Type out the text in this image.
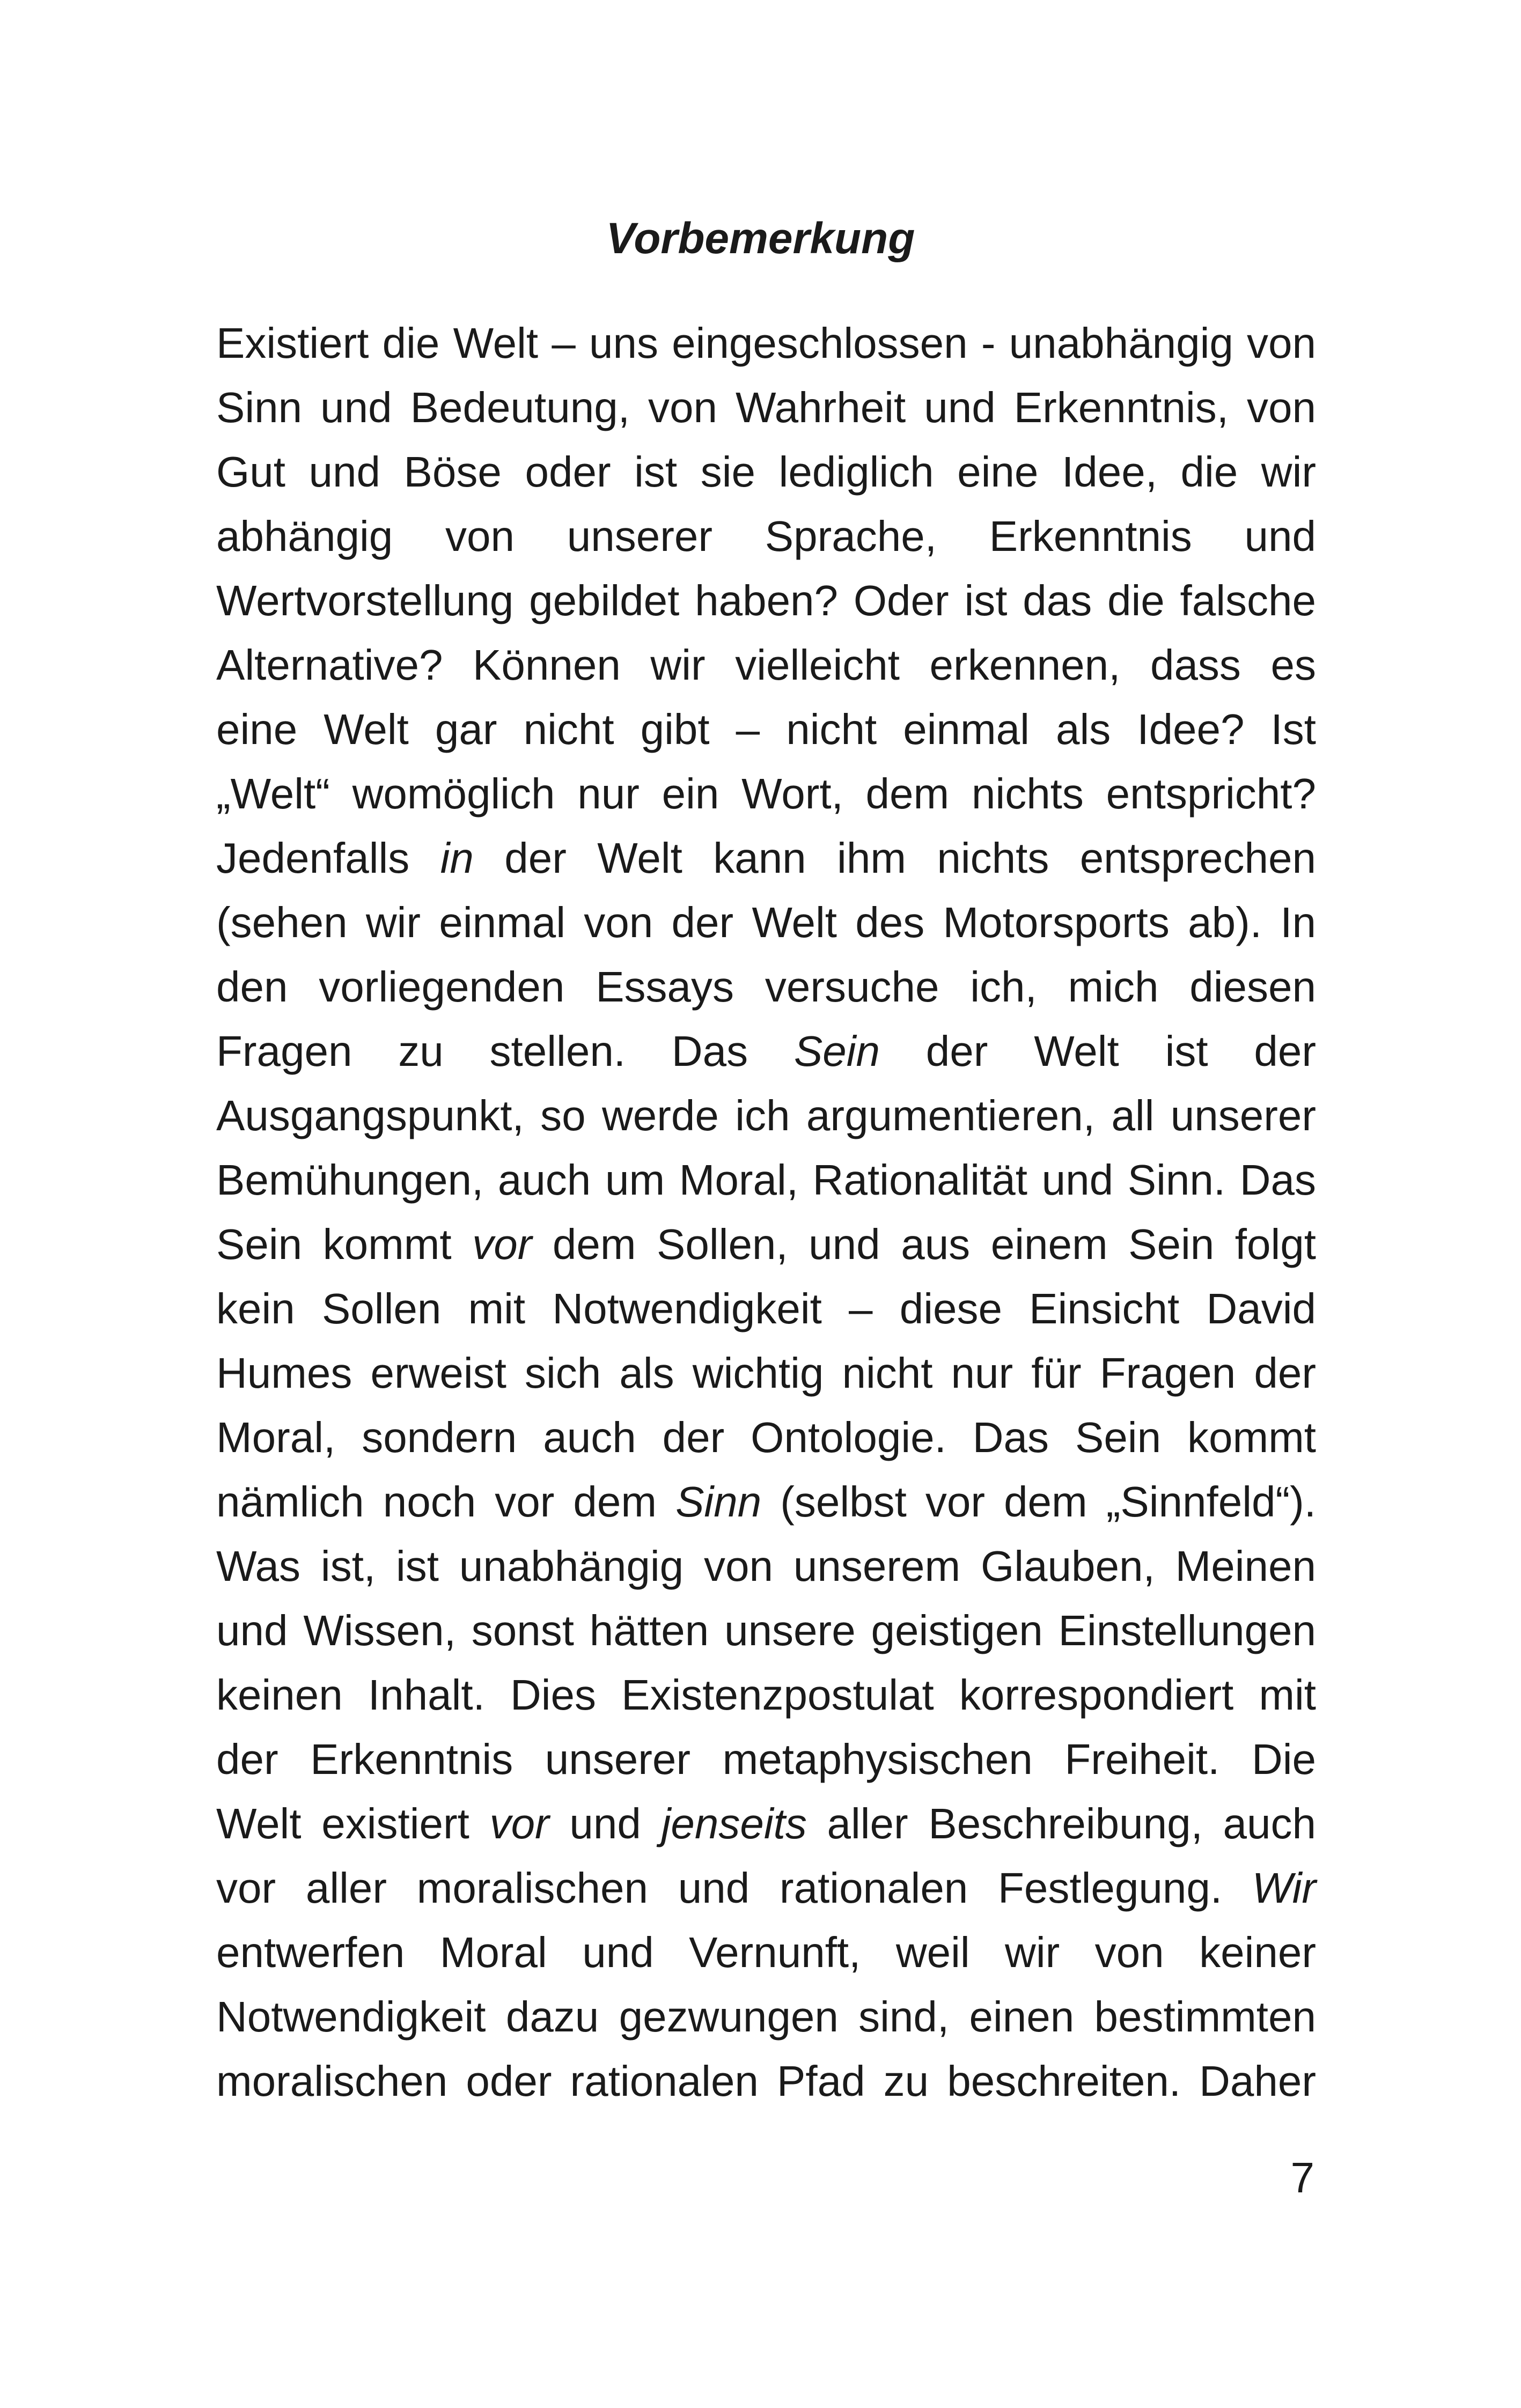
Vorbemerkung
Existiert die Welt – uns eingeschlossen - unabhängig von
Sinn und Bedeutung, von Wahrheit und Erkenntnis, von
Gut und Böse oder ist sie lediglich eine Idee, die wir
abhängig von unserer Sprache, Erkenntnis und
Wertvorstellung gebildet haben? Oder ist das die falsche
Alternative? Können wir vielleicht erkennen, dass es
eine Welt gar nicht gibt – nicht einmal als Idee? Ist
„Welt“ womöglich nur ein Wort, dem nichts entspricht?
Jedenfalls in der Welt kann ihm nichts entsprechen
(sehen wir einmal von der Welt des Motorsports ab). In
den vorliegenden Essays versuche ich, mich diesen
Fragen zu stellen. Das Sein der Welt ist der
Ausgangspunkt, so werde ich argumentieren, all unserer
Bemühungen, auch um Moral, Rationalität und Sinn. Das
Sein kommt vor dem Sollen, und aus einem Sein folgt
kein Sollen mit Notwendigkeit – diese Einsicht David
Humes erweist sich als wichtig nicht nur für Fragen der
Moral, sondern auch der Ontologie. Das Sein kommt
nämlich noch vor dem Sinn (selbst vor dem „Sinnfeld“).
Was ist, ist unabhängig von unserem Glauben, Meinen
und Wissen, sonst hätten unsere geistigen Einstellungen
keinen Inhalt. Dies Existenzpostulat korrespondiert mit
der Erkenntnis unserer metaphysischen Freiheit. Die
Welt existiert vor und jenseits aller Beschreibung, auch
vor aller moralischen und rationalen Festlegung. Wir
entwerfen Moral und Vernunft, weil wir von keiner
Notwendigkeit dazu gezwungen sind, einen bestimmten
moralischen oder rationalen Pfad zu beschreiten. Daher
7
